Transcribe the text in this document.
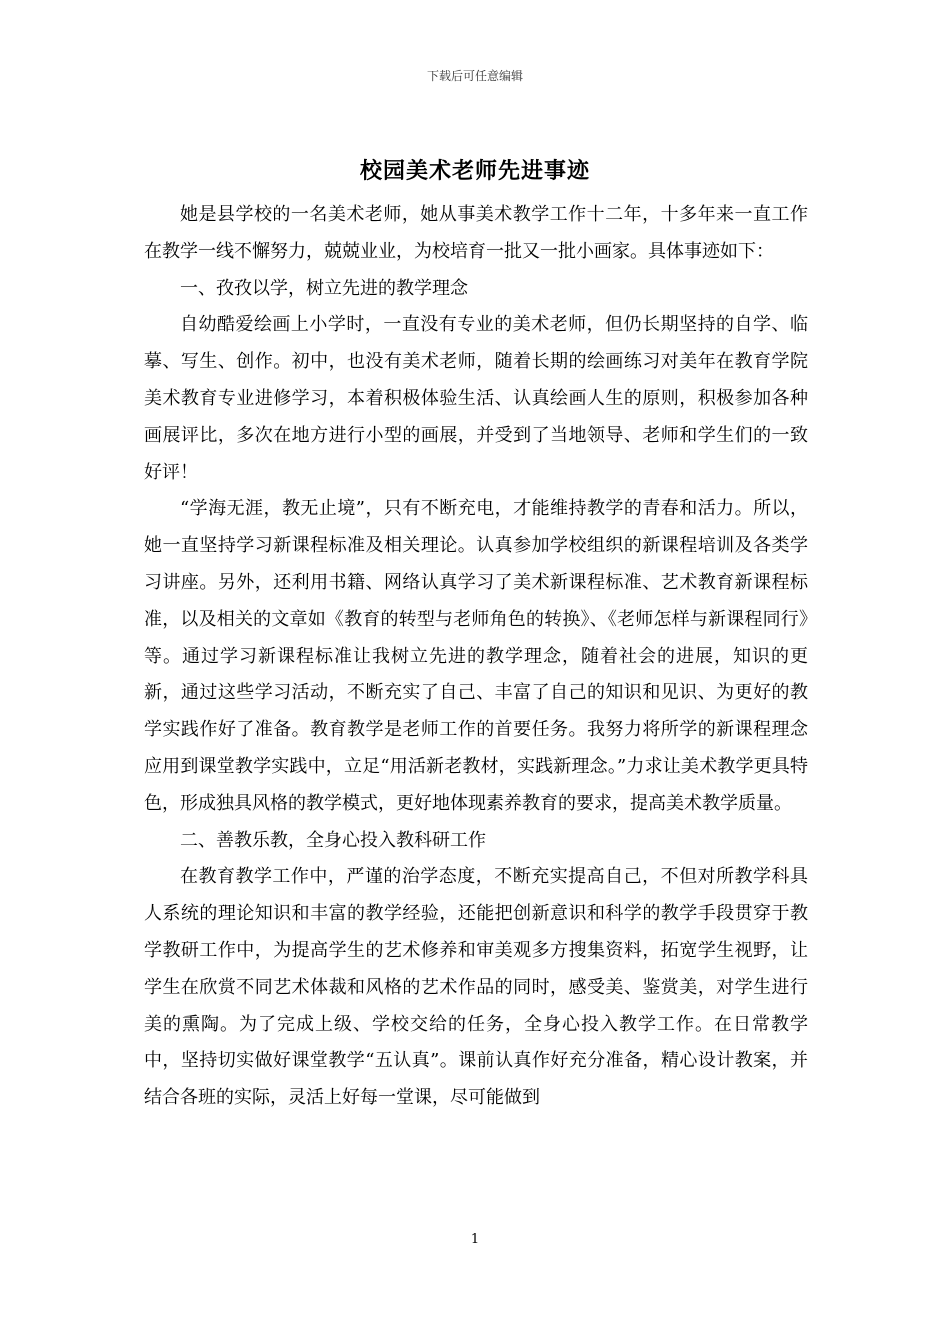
下载后可任意编辑
校园美术老师先进事迹

她是县学校的一名美术老师，她从事美术教学工作十二年，十多年来一直工作在教学一线不懈努力，兢兢业业，为校培育一批又一批小画家。具体事迹如下：

一、孜孜以学，树立先进的教学理念

自幼酷爱绘画上小学时，一直没有专业的美术老师，但仍长期坚持的自学、临摹、写生、创作。初中，也没有美术老师，随着长期的绘画练习对美年在教育学院美术教育专业进修学习，本着积极体验生活、认真绘画人生的原则，积极参加各种画展评比，多次在地方进行小型的画展，并受到了当地领导、老师和学生们的一致好评！

“学海无涯，教无止境”，只有不断充电，才能维持教学的青春和活力。所以，她一直坚持学习新课程标准及相关理论。认真参加学校组织的新课程培训及各类学习讲座。另外，还利用书籍、网络认真学习了美术新课程标准、艺术教育新课程标准，以及相关的文章如《教育的转型与老师角色的转换》、《老师怎样与新课程同行》等。通过学习新课程标准让我树立先进的教学理念，随着社会的进展，知识的更新，通过这些学习活动，不断充实了自己、丰富了自己的知识和见识、为更好的教学实践作好了准备。教育教学是老师工作的首要任务。我努力将所学的新课程理念应用到课堂教学实践中，立足“用活新老教材，实践新理念。”力求让美术教学更具特色，形成独具风格的教学模式，更好地体现素养教育的要求，提高美术教学质量。

二、善教乐教，全身心投入教科研工作

在教育教学工作中，严谨的治学态度，不断充实提高自己，不但对所教学科具人系统的理论知识和丰富的教学经验，还能把创新意识和科学的教学手段贯穿于教学教研工作中，为提高学生的艺术修养和审美观多方搜集资料，拓宽学生视野，让学生在欣赏不同艺术体裁和风格的艺术作品的同时，感受美、鉴赏美，对学生进行美的熏陶。为了完成上级、学校交给的任务，全身心投入教学工作。在日常教学中，坚持切实做好课堂教学“五认真”。课前认真作好充分准备，精心设计教案，并结合各班的实际，灵活上好每一堂课，尽可能做到

1
